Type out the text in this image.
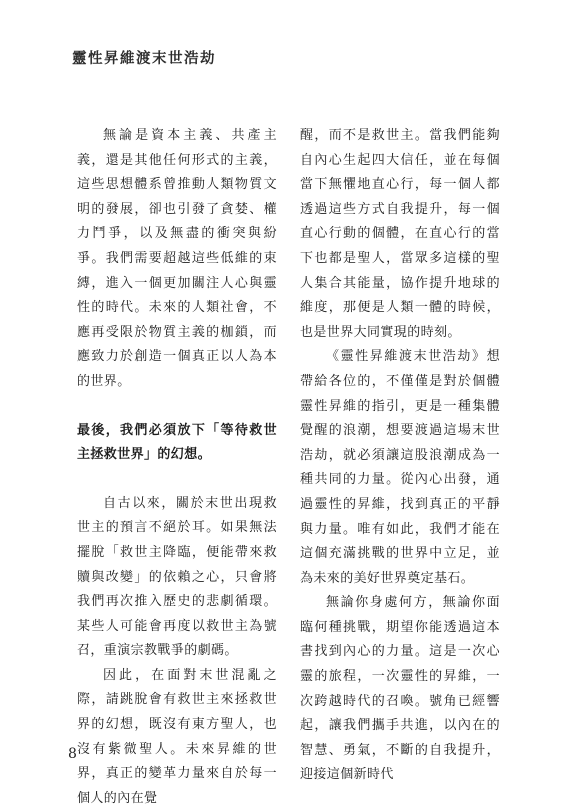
靈性昇維渡末世浩劫

無論是資本主義、共產主義，還是其他任何形式的主義，這些思想體系曾推動人類物質文明的發展，卻也引發了貪婪、權力鬥爭，以及無盡的衝突與紛爭。我們需要超越這些低維的束縛，進入一個更加關注人心與靈性的時代。未來的人類社會，不應再受限於物質主義的枷鎖，而應致力於創造一個真正以人為本的世界。

最後，我們必須放下「等待救世主拯救世界」的幻想。

自古以來，關於末世出現救世主的預言不絕於耳。如果無法擺脫「救世主降臨，便能帶來救贖與改變」的依賴之心，只會將我們再次推入歷史的悲劇循環。某些人可能會再度以救世主為號召，重演宗教戰爭的劇碼。

因此，在面對末世混亂之際，請跳脫會有救世主來拯救世界的幻想，既沒有東方聖人，也沒有紫微聖人。未來昇維的世界，真正的變革力量來自於每一個人的內在覺

醒，而不是救世主。當我們能夠自內心生起四大信任，並在每個當下無懼地直心行，每一個人都透過這些方式自我提升，每一個直心行動的個體，在直心行的當下也都是聖人，當眾多這樣的聖人集合其能量，協作提升地球的維度，那便是人類一體的時候，也是世界大同實現的時刻。

《靈性昇維渡末世浩劫》想帶給各位的，不僅僅是對於個體靈性昇維的指引，更是一種集體覺醒的浪潮，想要渡過這場末世浩劫，就必須讓這股浪潮成為一種共同的力量。從內心出發，通過靈性的昇維，找到真正的平靜與力量。唯有如此，我們才能在這個充滿挑戰的世界中立足，並為未來的美好世界奠定基石。

無論你身處何方，無論你面臨何種挑戰，期望你能透過這本書找到內心的力量。這是一次心靈的旅程，一次靈性的昇維，一次跨越時代的召喚。號角已經響起，讓我們攜手共進，以內在的智慧、勇氣，不斷的自我提升，迎接這個新時代

8
